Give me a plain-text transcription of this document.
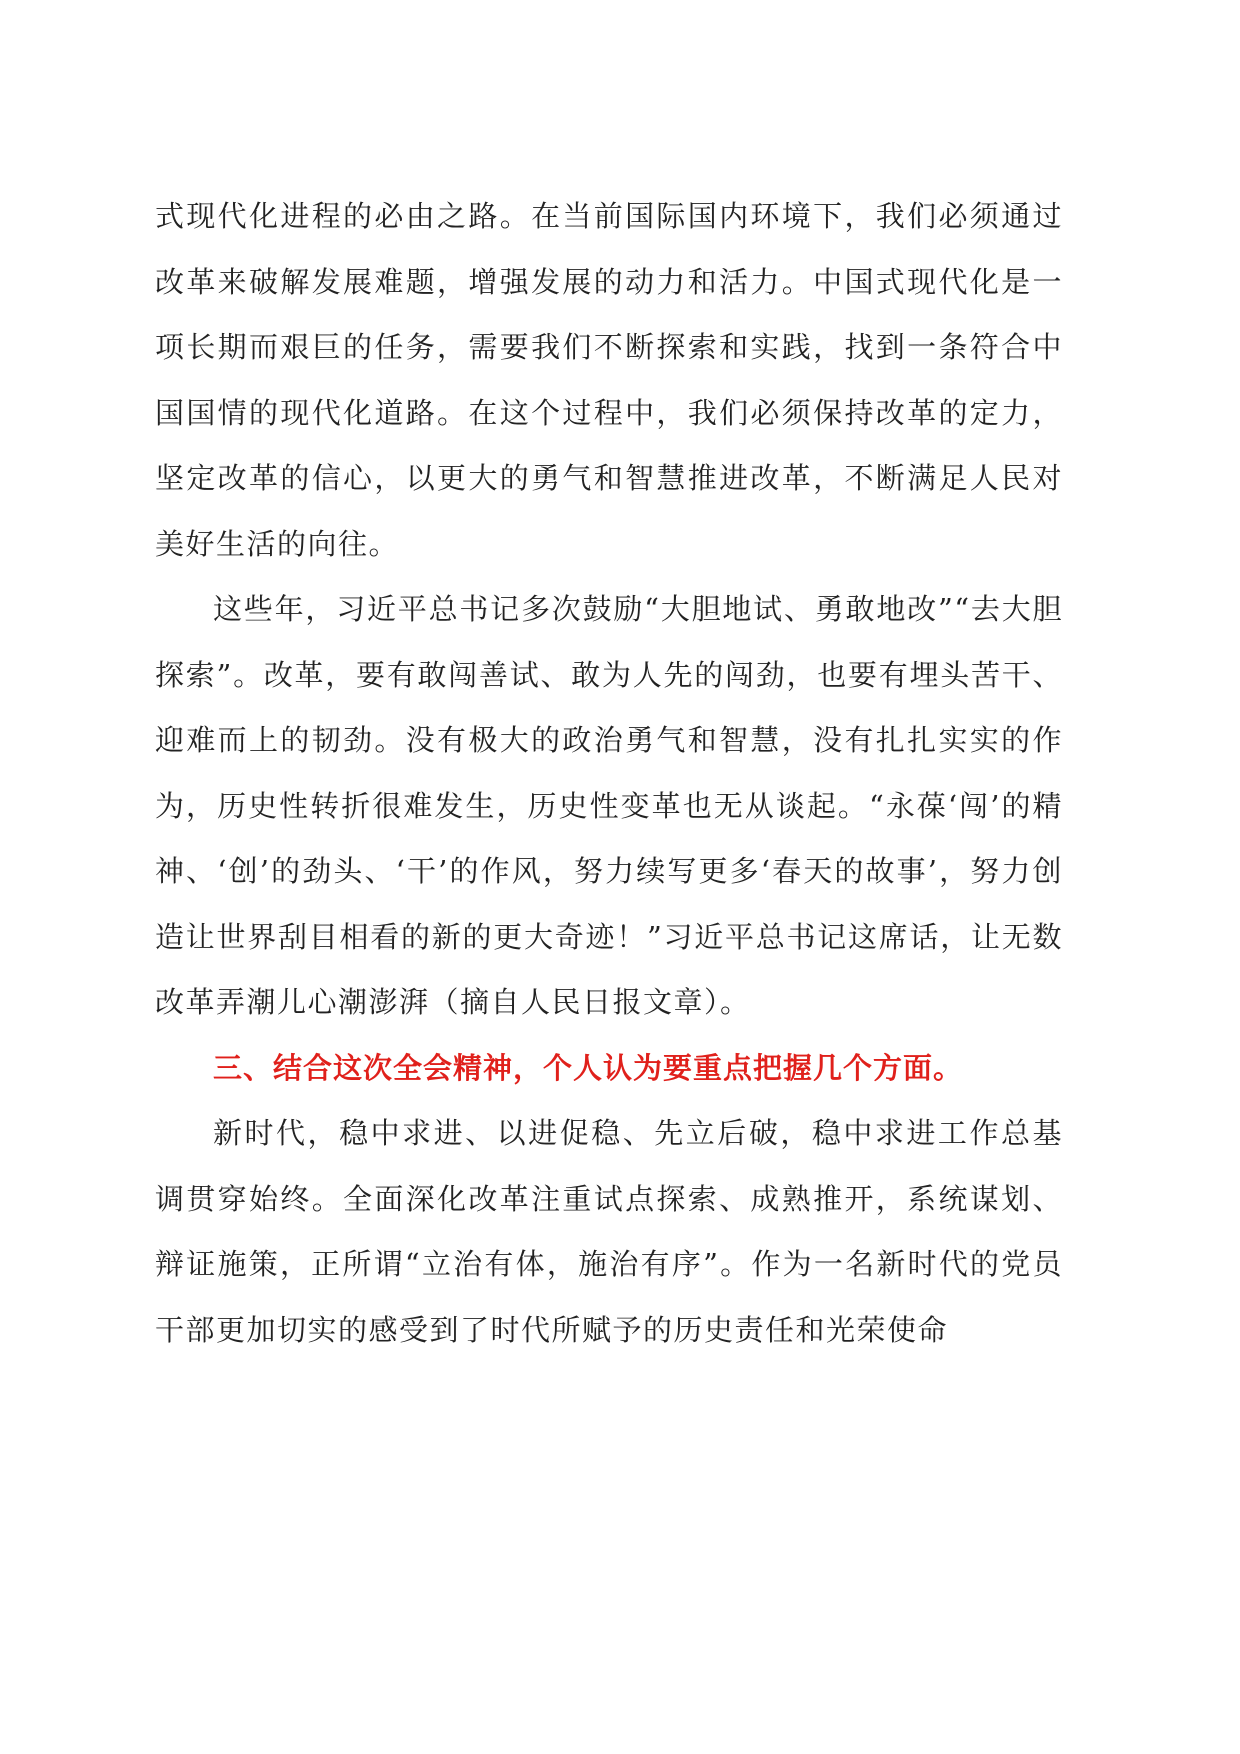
式现代化进程的必由之路。在当前国际国内环境下，我们必须通过改革来破解发展难题，增强发展的动力和活力。中国式现代化是一项长期而艰巨的任务，需要我们不断探索和实践，找到一条符合中国国情的现代化道路。在这个过程中，我们必须保持改革的定力，坚定改革的信心，以更大的勇气和智慧推进改革，不断满足人民对美好生活的向往。

这些年，习近平总书记多次鼓励“大胆地试、勇敢地改”“去大胆探索”。改革，要有敢闯善试、敢为人先的闯劲，也要有埋头苦干、迎难而上的韧劲。没有极大的政治勇气和智慧，没有扎扎实实的作为，历史性转折很难发生，历史性变革也无从谈起。“永葆‘闯’的精神、‘创’的劲头、‘干’的作风，努力续写更多‘春天的故事’，努力创造让世界刮目相看的新的更大奇迹！”习近平总书记这席话，让无数改革弄潮儿心潮澎湃（摘自人民日报文章）。

三、结合这次全会精神，个人认为要重点把握几个方面。

新时代，稳中求进、以进促稳、先立后破，稳中求进工作总基调贯穿始终。全面深化改革注重试点探索、成熟推开，系统谋划、辩证施策，正所谓“立治有体，施治有序”。作为一名新时代的党员干部更加切实的感受到了时代所赋予的历史责任和光荣使命
